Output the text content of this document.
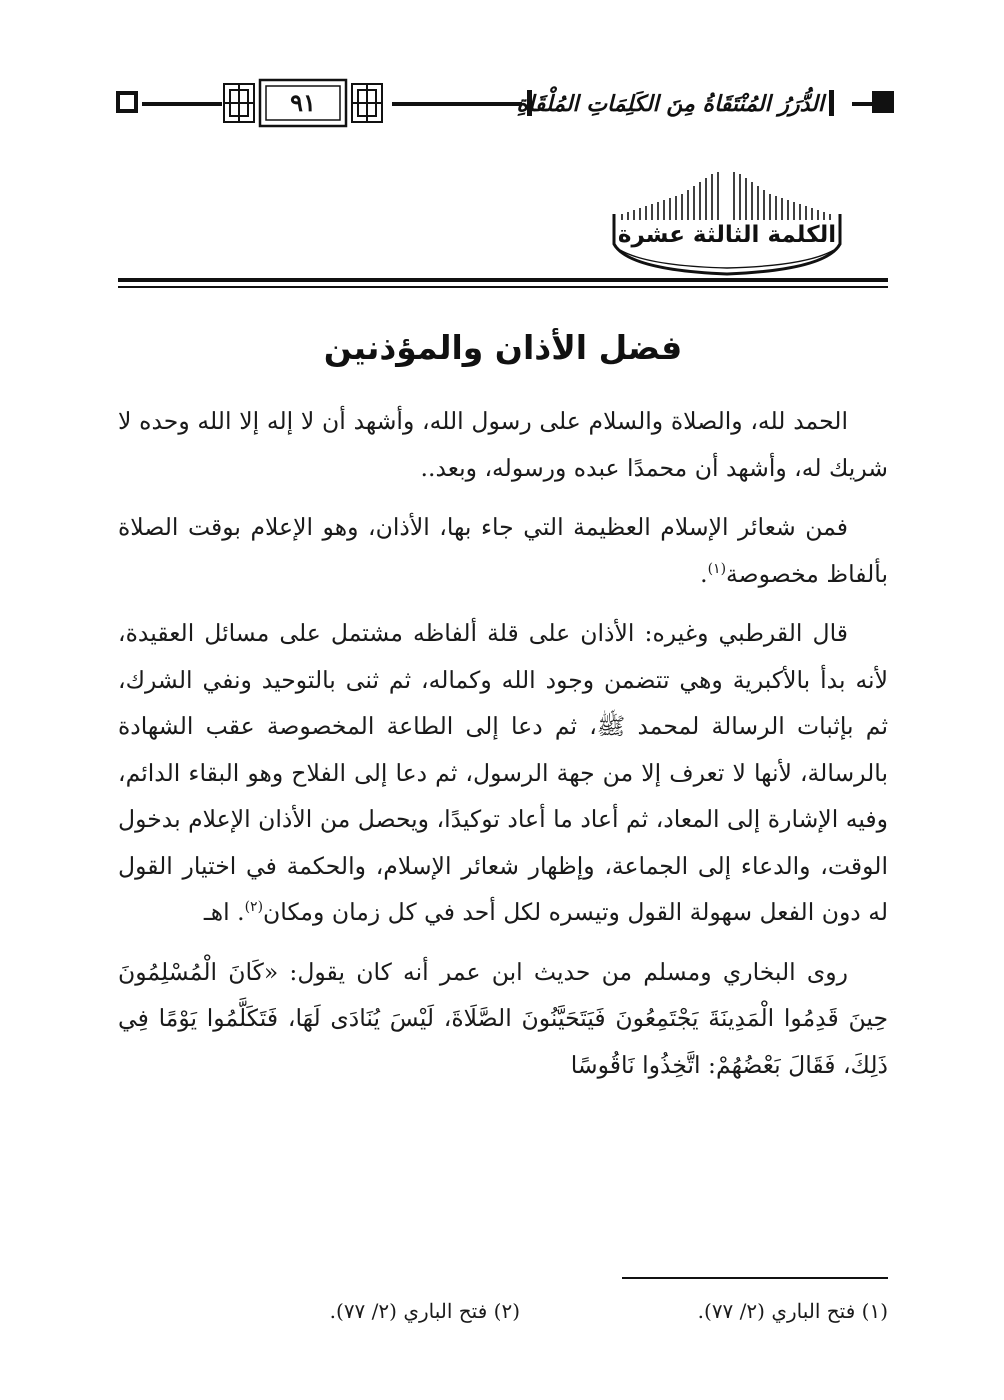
٩١	الدُّرَرُ المُنْتَقَاةُ مِنَ الكَلِمَاتِ المُلْقَاةِ
الكلمة الثالثة عشرة
فضل الأذان والمؤذنين

الحمد لله، والصلاة والسلام على رسول الله، وأشهد أن لا إله إلا الله وحده لا شريك له، وأشهد أن محمدًا عبده ورسوله، وبعد..

فمن شعائر الإسلام العظيمة التي جاء بها، الأذان، وهو الإعلام بوقت الصلاة بألفاظ مخصوصة$^{(١)}$.

قال القرطبي وغيره: الأذان على قلة ألفاظه مشتمل على مسائل العقيدة، لأنه بدأ بالأكبرية وهي تتضمن وجود الله وكماله، ثم ثنى بالتوحيد ونفي الشرك، ثم بإثبات الرسالة لمحمد ﷺ، ثم دعا إلى الطاعة المخصوصة عقب الشهادة بالرسالة، لأنها لا تعرف إلا من جهة الرسول، ثم دعا إلى الفلاح وهو البقاء الدائم، وفيه الإشارة إلى المعاد، ثم أعاد ما أعاد توكيدًا، ويحصل من الأذان الإعلام بدخول الوقت، والدعاء إلى الجماعة، وإظهار شعائر الإسلام، والحكمة في اختيار القول له دون الفعل سهولة القول وتيسره لكل أحد في كل زمان ومكان$^{(٢)}$. اهـ

روى البخاري ومسلم من حديث ابن عمر أنه كان يقول: «كَانَ الْمُسْلِمُونَ حِينَ قَدِمُوا الْمَدِينَةَ يَجْتَمِعُونَ فَيَتَحَيَّنُونَ الصَّلَاةَ، لَيْسَ يُنَادَى لَهَا، فَتَكَلَّمُوا يَوْمًا فِي ذَلِكَ، فَقَالَ بَعْضُهُمْ: اتَّخِذُوا نَاقُوسًا

(١) فتح الباري (٢/ ٧٧).
(٢) فتح الباري (٢/ ٧٧).
